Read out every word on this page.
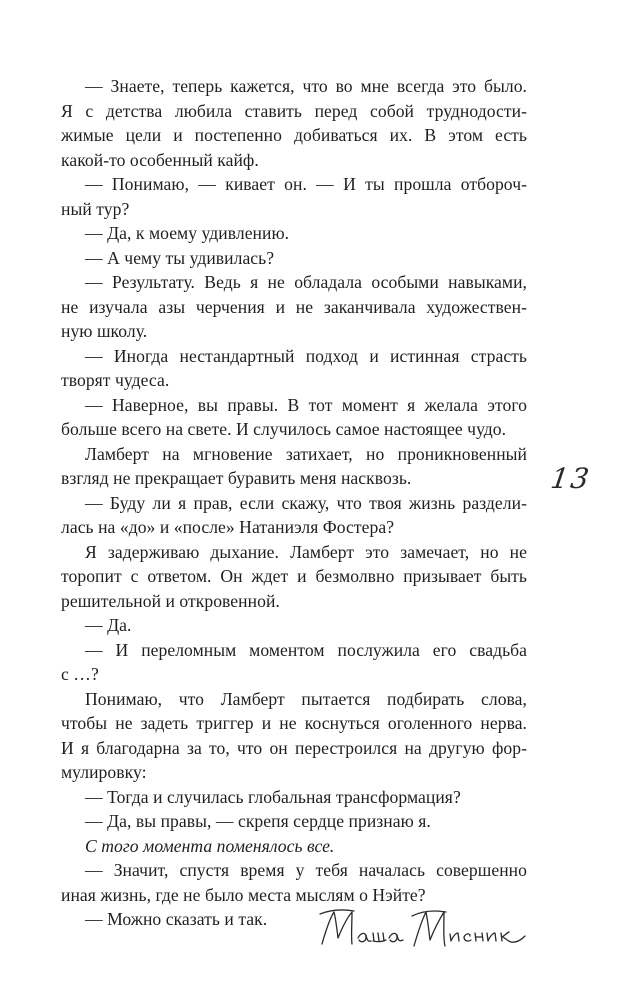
— Знаете, теперь кажется, что во мне всегда это было.
Я с детства любила ставить перед собой труднодости-
жимые цели и постепенно добиваться их. В этом есть
какой-то особенный кайф.
— Понимаю, — кивает он. — И ты прошла отбороч-
ный тур?
— Да, к моему удивлению.
— А чему ты удивилась?
— Результату. Ведь я не обладала особыми навыками,
не изучала азы черчения и не заканчивала художествен-
ную школу.
— Иногда нестандартный подход и истинная страсть
творят чудеса.
— Наверное, вы правы. В тот момент я желала этого
больше всего на свете. И случилось самое настоящее чудо.
Ламберт на мгновение затихает, но проникновенный
взгляд не прекращает буравить меня насквозь.
— Буду ли я прав, если скажу, что твоя жизнь раздели-
лась на «до» и «после» Натаниэля Фостера?
Я задерживаю дыхание. Ламберт это замечает, но не
торопит с ответом. Он ждет и безмолвно призывает быть
решительной и откровенной.
— Да.
— И переломным моментом послужила его свадьба
с …?
Понимаю, что Ламберт пытается подбирать слова,
чтобы не задеть триггер и не коснуться оголенного нерва.
И я благодарна за то, что он перестроился на другую фор-
мулировку:
— Тогда и случилась глобальная трансформация?
— Да, вы правы, — скрепя сердце признаю я.
С того момента поменялось все.
— Значит, спустя время у тебя началась совершенно
иная жизнь, где не было места мыслям о Нэйте?
— Можно сказать и так.
13
